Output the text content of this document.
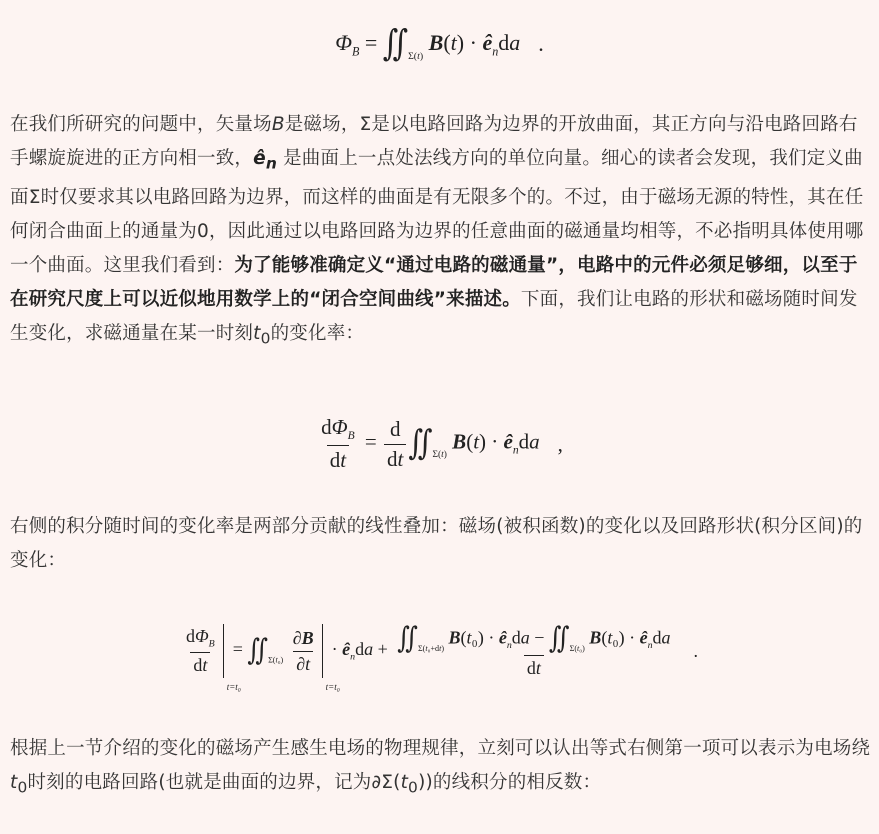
$\Phi_B$ = $∬_{\Sigma(t)}$ $B(t) \cdot ê_nda$ .

在我们所研究的问题中，矢量场B是磁场，Σ是以电路回路为边界的开放曲面，其正方向与沿电路回路右手螺旋旋进的正方向相一致，$ê_n$ 是曲面上一点处法线方向的单位向量。细心的读者会发现，我们定义曲面Σ时仅要求其以电路回路为边界，而这样的曲面是有无限多个的。不过，由于磁场无源的特性，其在任何闭合曲面上的通量为0，因此通过以电路回路为边界的任意曲面的磁通量均相等，不必指明具体使用哪一个曲面。这里我们看到：为了能够准确定义“通过电路的磁通量”，电路中的元件必须足够细，以至于在研究尺度上可以近似地用数学上的“闭合空间曲线”来描述。下面，我们让电路的形状和磁场随时间发生变化，求磁通量在某一时刻$t_0$的变化率：

$\frac{d\Phi_B}{dt} = \frac{d}{dt}$ $∬_{\Sigma(t)}$ $B(t) \cdot ê_nda$ ,

右侧的积分随时间的变化率是两部分贡献的线性叠加：磁场(被积函数)的变化以及回路形状(积分区间)的变化：

$\frac{d\Phi_B}{dt}$
t=t₀
= $∬_{\Sigma(t_0)} \frac{\partial B}{\partial t}$
t=t₀
· $ê_nda + \frac{∬_{\Sigma(t_0+dt)} B(t_0) \cdot ê_nda - ∬_{\Sigma(t_0)} B(t_0) \cdot ê_nda}{dt}$ .

根据上一节介绍的变化的磁场产生感生电场的物理规律，立刻可以认出等式右侧第一项可以表示为电场绕$t_0$时刻的电路回路(也就是曲面的边界，记为$\partial\Sigma(t_0)$)的线积分的相反数：
